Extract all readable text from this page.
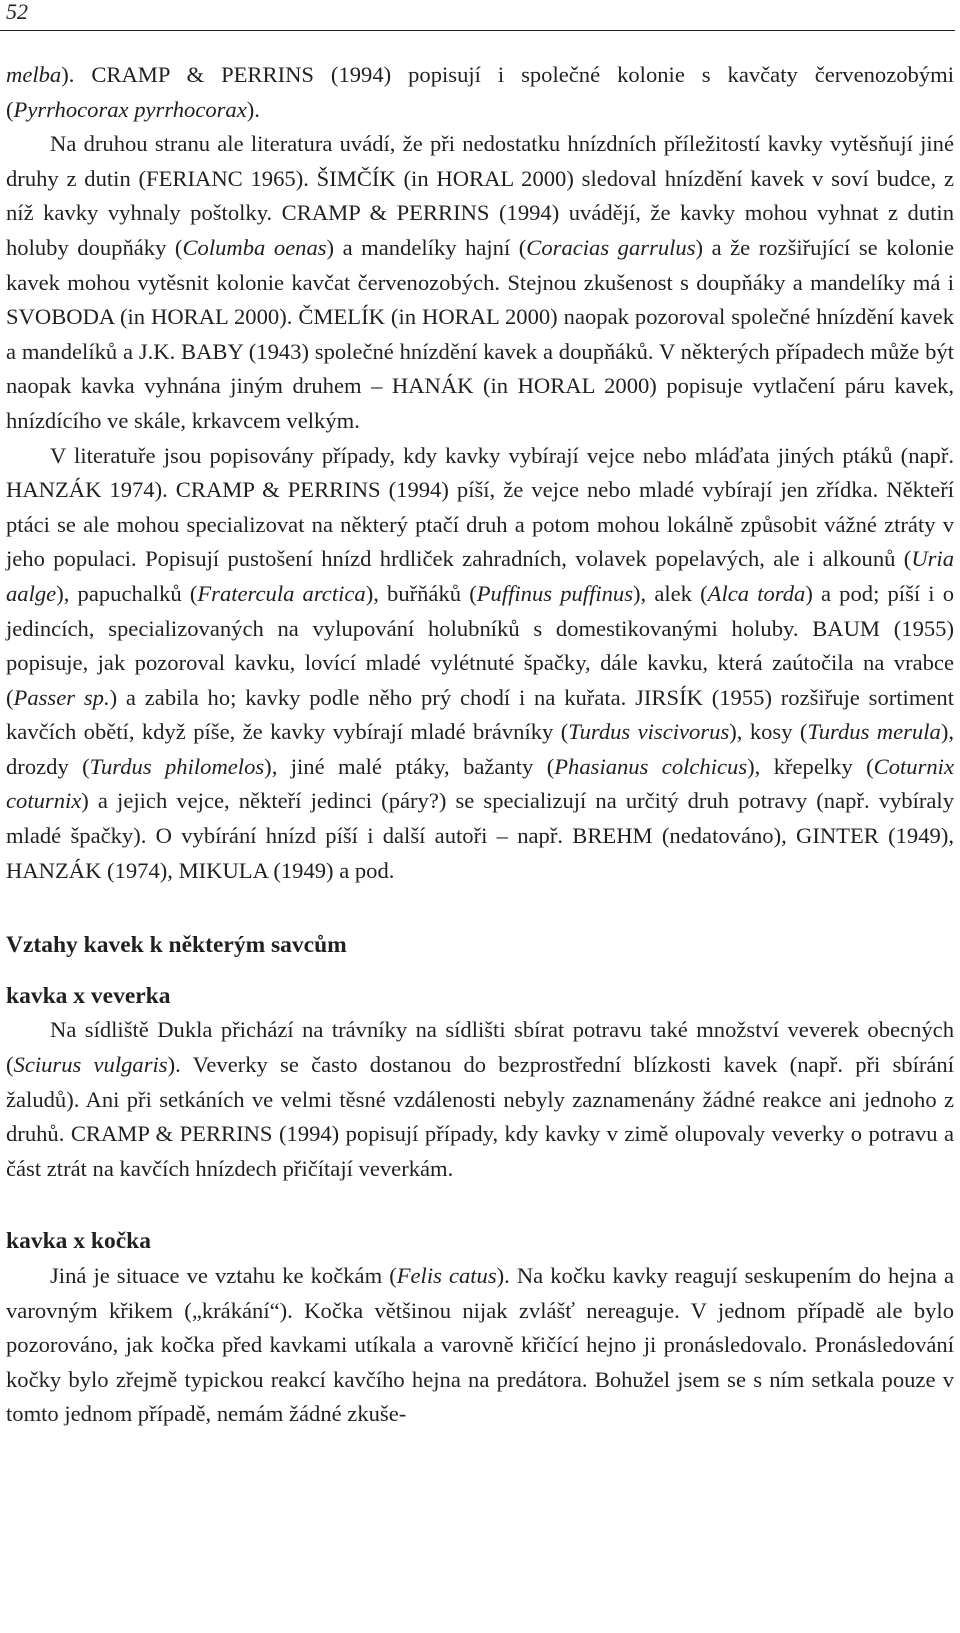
52

melba). CRAMP & PERRINS (1994) popisují i společné kolonie s kavčaty červenozobými (Pyrrhocorax pyrrhocorax).

Na druhou stranu ale literatura uvádí, že při nedostatku hnízdních příležitostí kavky vytěsňují jiné druhy z dutin (FERIANC 1965). ŠIMČÍK (in HORAL 2000) sledoval hnízdění kavek v soví budce, z níž kavky vyhnaly poštolky. CRAMP & PERRINS (1994) uvádějí, že kavky mohou vyhnat z dutin holuby doupňáky (Columba oenas) a mandelíky hajní (Coracias garrulus) a že rozšiřující se kolonie kavek mohou vytěsnit kolonie kavčat červenozobých. Stejnou zkušenost s doupňáky a mandelíky má i SVOBODA (in HORAL 2000). ČMELÍK (in HORAL 2000) naopak pozoroval společné hnízdění kavek a mandelíků a J.K. BABY (1943) společné hnízdění kavek a doupňáků. V některých případech může být naopak kavka vyhnána jiným druhem – HANÁK (in HORAL 2000) popisuje vytlačení páru kavek, hnízdícího ve skále, krkavcem velkým.

V literatuře jsou popisovány případy, kdy kavky vybírají vejce nebo mláďata jiných ptáků (např. HANZÁK 1974). CRAMP & PERRINS (1994) píší, že vejce nebo mladé vybírají jen zřídka. Někteří ptáci se ale mohou specializovat na některý ptačí druh a potom mohou lokálně způsobit vážné ztráty v jeho populaci. Popisují pustošení hnízd hrdliček zahradních, volavek popelavých, ale i alkounů (Uria aalge), papuchalků (Fratercula arctica), buřňáků (Puffinus puffinus), alek (Alca torda) a pod; píší i o jedincích, specializovaných na vylupování holubníků s domestikovanými holuby. BAUM (1955) popisuje, jak pozoroval kavku, lovící mladé vylétnuté špačky, dále kavku, která zaútočila na vrabce (Passer sp.) a zabila ho; kavky podle něho prý chodí i na kuřata. JIRSÍK (1955) rozšiřuje sortiment kavčích obětí, když píše, že kavky vybírají mladé brávníky (Turdus viscivorus), kosy (Turdus merula), drozdy (Turdus philomelos), jiné malé ptáky, bažanty (Phasianus colchicus), křepelky (Coturnix coturnix) a jejich vejce, někteří jedinci (páry?) se specializují na určitý druh potravy (např. vybíraly mladé špačky). O vybírání hnízd píší i další autoři – např. BREHM (nedatováno), GINTER (1949), HANZÁK (1974), MIKULA (1949) a pod.

Vztahy kavek k některým savcům
kavka x veverka

Na sídliště Dukla přichází na trávníky na sídlišti sbírat potravu také množství veverek obecných (Sciurus vulgaris). Veverky se často dostanou do bezprostřední blízkosti kavek (např. při sbírání žaludů). Ani při setkáních ve velmi těsné vzdálenosti nebyly zaznamenány žádné reakce ani jednoho z druhů. CRAMP & PERRINS (1994) popisují případy, kdy kavky v zimě olupovaly veverky o potravu a část ztrát na kavčích hnízdech přičítají veverkám.

kavka x kočka

Jiná je situace ve vztahu ke kočkám (Felis catus). Na kočku kavky reagují seskupením do hejna a varovným křikem („krákání“). Kočka většinou nijak zvlášť nereaguje. V jednom případě ale bylo pozorováno, jak kočka před kavkami utíkala a varovně křičící hejno ji pronásledovalo. Pronásledování kočky bylo zřejmě typickou reakcí kavčího hejna na predátora. Bohužel jsem se s ním setkala pouze v tomto jednom případě, nemám žádné zkuše-
